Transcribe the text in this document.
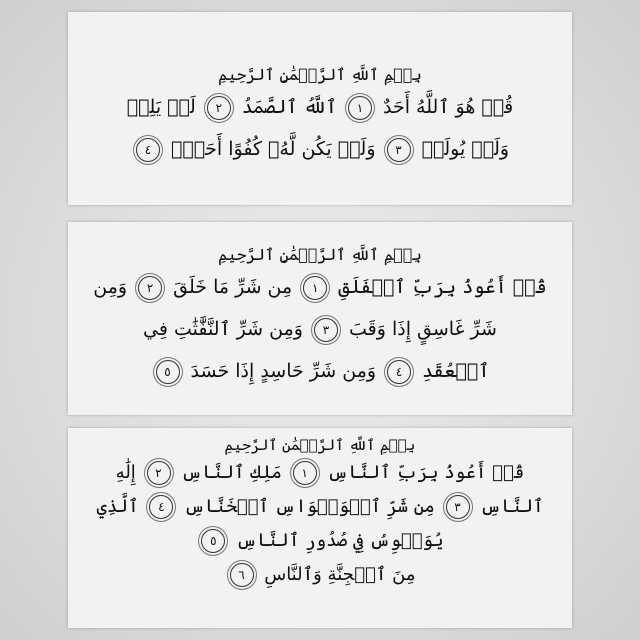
بِسۡمِ ٱللَّهِ ٱلرَّحۡمَٰنِ ٱلرَّحِيمِ
قُلۡ هُوَ ٱللَّهُ أَحَدٌ ١ ٱللَّهُ ٱلصَّمَدُ ٢ لَمۡ يَلِدۡ
وَلَمۡ يُولَدۡ ٣ وَلَمۡ يَكُن لَّهُۥ كُفُوًا أَحَدٌۢ ٤
بِسۡمِ ٱللَّهِ ٱلرَّحۡمَٰنِ ٱلرَّحِيمِ
قُلۡ أَعُوذُ بِرَبِّ ٱلۡفَلَقِ ١ مِن شَرِّ مَا خَلَقَ ٢ وَمِن
شَرِّ غَاسِقٍ إِذَا وَقَبَ ٣ وَمِن شَرِّ ٱلنَّفَّٰثَٰتِ فِي
ٱلۡعُقَدِ ٤ وَمِن شَرِّ حَاسِدٍ إِذَا حَسَدَ ٥
بِسۡمِ ٱللَّهِ ٱلرَّحۡمَٰنِ ٱلرَّحِيمِ
قُلۡ أَعُوذُ بِرَبِّ ٱلنَّاسِ ١ مَلِكِ ٱلنَّاسِ ٢ إِلَٰهِ
ٱلنَّاسِ ٣ مِن شَرِّ ٱلۡوَسۡوَاسِ ٱلۡخَنَّاسِ ٤ ٱلَّذِي
يُوَسۡوِسُ فِي صُدُورِ ٱلنَّاسِ ٥
مِنَ ٱلۡجِنَّةِ وَٱلنَّاسِ ٦
